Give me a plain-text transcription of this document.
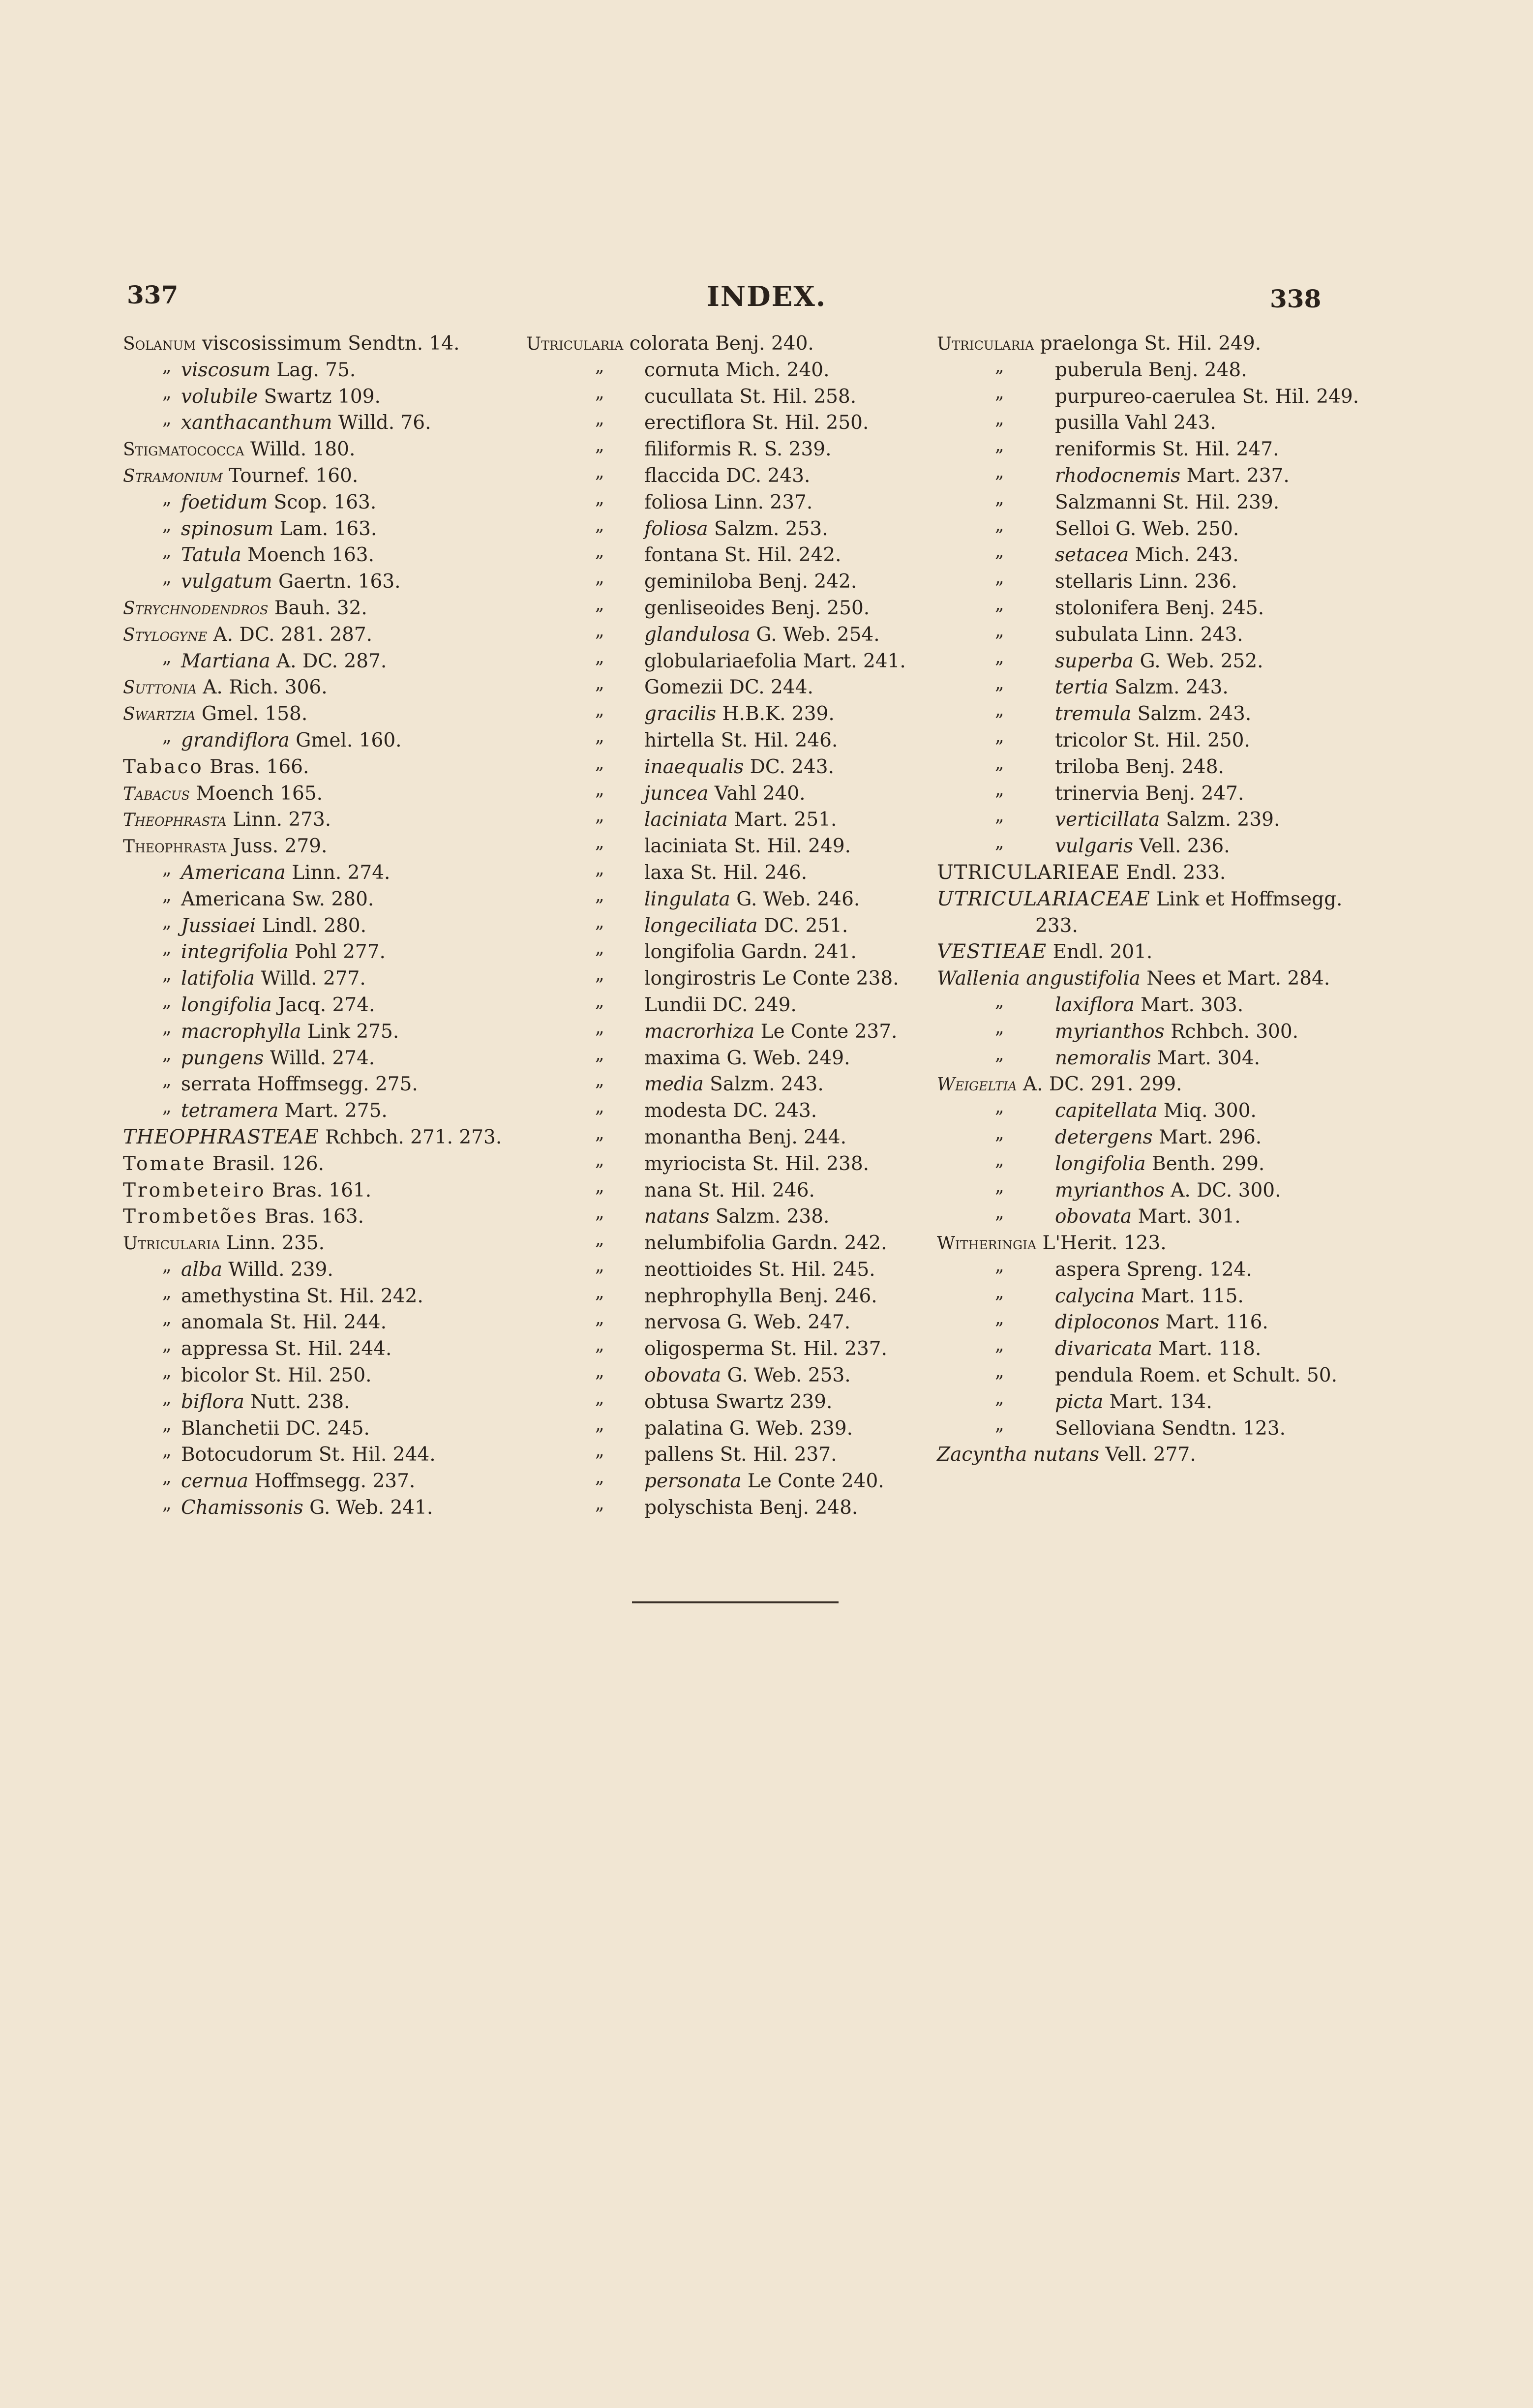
337	INDEX.	338
Solanum viscosissimum Sendtn. 14.
„ viscosum Lag. 75.
„ volubile Swartz 109.
„ xanthacanthum Willd. 76.
Stigmatococca Willd. 180.
Stramonium Tournef. 160.
„ foetidum Scop. 163.
„ spinosum Lam. 163.
„ Tatula Moench 163.
„ vulgatum Gaertn. 163.
Strychnodendros Bauh. 32.
Stylogyne A. DC. 281. 287.
„ Martiana A. DC. 287.
Suttonia A. Rich. 306.
Swartzia Gmel. 158.
„ grandiflora Gmel. 160.
Tabaco Bras. 166.
Tabacus Moench 165.
Theophrasta Linn. 273.
Theophrasta Juss. 279.
„ Americana Linn. 274.
„ Americana Sw. 280.
„ Jussiaei Lindl. 280.
„ integrifolia Pohl 277.
„ latifolia Willd. 277.
„ longifolia Jacq. 274.
„ macrophylla Link 275.
„ pungens Willd. 274.
„ serrata Hoffmsegg. 275.
„ tetramera Mart. 275.
THEOPHRASTEAE Rchbch. 271. 273.
Tomate Brasil. 126.
Trombeteiro Bras. 161.
Trombetões Bras. 163.
Utricularia Linn. 235.
„ alba Willd. 239.
„ amethystina St. Hil. 242.
„ anomala St. Hil. 244.
„ appressa St. Hil. 244.
„ bicolor St. Hil. 250.
„ biflora Nutt. 238.
„ Blanchetii DC. 245.
„ Botocudorum St. Hil. 244.
„ cernua Hoffmsegg. 237.
„ Chamissonis G. Web. 241.
Utricularia colorata Benj. 240.
„ cornuta Mich. 240.
„ cucullata St. Hil. 258.
„ erectiflora St. Hil. 250.
„ filiformis R. S. 239.
„ flaccida DC. 243.
„ foliosa Linn. 237.
„ foliosa Salzm. 253.
„ fontana St. Hil. 242.
„ geminiloba Benj. 242.
„ genliseoides Benj. 250.
„ glandulosa G. Web. 254.
„ globulariaefolia Mart. 241.
„ Gomezii DC. 244.
„ gracilis H.B.K. 239.
„ hirtella St. Hil. 246.
„ inaequalis DC. 243.
„ juncea Vahl 240.
„ laciniata Mart. 251.
„ laciniata St. Hil. 249.
„ laxa St. Hil. 246.
„ lingulata G. Web. 246.
„ longeciliata DC. 251.
„ longifolia Gardn. 241.
„ longirostris Le Conte 238.
„ Lundii DC. 249.
„ macrorhiza Le Conte 237.
„ maxima G. Web. 249.
„ media Salzm. 243.
„ modesta DC. 243.
„ monantha Benj. 244.
„ myriocista St. Hil. 238.
„ nana St. Hil. 246.
„ natans Salzm. 238.
„ nelumbifolia Gardn. 242.
„ neottioides St. Hil. 245.
„ nephrophylla Benj. 246.
„ nervosa G. Web. 247.
„ oligosperma St. Hil. 237.
„ obovata G. Web. 253.
„ obtusa Swartz 239.
„ palatina G. Web. 239.
„ pallens St. Hil. 237.
„ personata Le Conte 240.
„ polyschista Benj. 248.
Utricularia praelonga St. Hil. 249.
„ puberula Benj. 248.
„ purpureo-caerulea St. Hil. 249.
„ pusilla Vahl 243.
„ reniformis St. Hil. 247.
„ rhodocnemis Mart. 237.
„ Salzmanni St. Hil. 239.
„ Selloi G. Web. 250.
„ setacea Mich. 243.
„ stellaris Linn. 236.
„ stolonifera Benj. 245.
„ subulata Linn. 243.
„ superba G. Web. 252.
„ tertia Salzm. 243.
„ tremula Salzm. 243.
„ tricolor St. Hil. 250.
„ triloba Benj. 248.
„ trinervia Benj. 247.
„ verticillata Salzm. 239.
„ vulgaris Vell. 236.
UTRICULARIEAE Endl. 233.
UTRICULARIACEAE Link et Hoffmsegg.
233.
VESTIEAE Endl. 201.
Wallenia angustifolia Nees et Mart. 284.
„ laxiflora Mart. 303.
„ myrianthos Rchbch. 300.
„ nemoralis Mart. 304.
Weigeltia A. DC. 291. 299.
„ capitellata Miq. 300.
„ detergens Mart. 296.
„ longifolia Benth. 299.
„ myrianthos A. DC. 300.
„ obovata Mart. 301.
Witheringia L'Herit. 123.
„ aspera Spreng. 124.
„ calycina Mart. 115.
„ diploconos Mart. 116.
„ divaricata Mart. 118.
„ pendula Roem. et Schult. 50.
„ picta Mart. 134.
„ Selloviana Sendtn. 123.
Zacyntha nutans Vell. 277.
